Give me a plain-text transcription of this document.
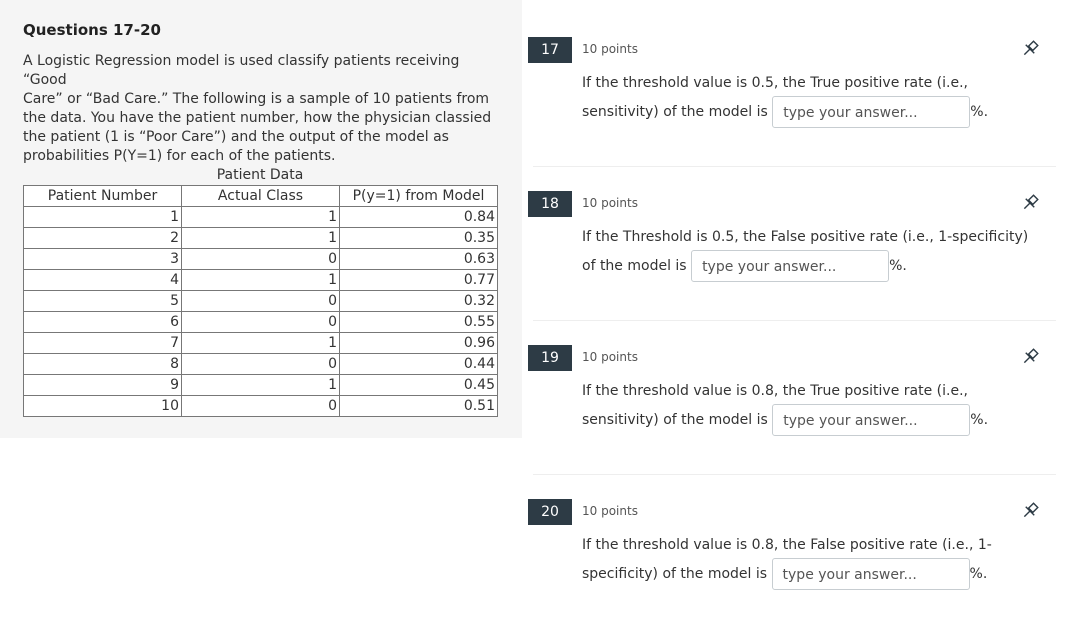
Questions 17-20
A Logistic Regression model is used classify patients receiving “Good
Care” or “Bad Care.” The following is a sample of 10 patients from
the data. You have the patient number, how the physician classied
the patient (1 is “Poor Care”) and the output of the model as
probabilities P(Y=1) for each of the patients.
Patient Data
Patient Number	Actual Class	P(y=1) from Model
1	1	0.84
2	1	0.35
3	0	0.63
4	1	0.77
5	0	0.32
6	0	0.55
7	1	0.96
8	0	0.44
9	1	0.45
10	0	0.51
17	10 points
If the threshold value is 0.5, the True positive rate (i.e.,
sensitivity) of the model is type your answer...	%.
18	10 points
If the Threshold is 0.5, the False positive rate (i.e., 1-specificity)
of the model is type your answer...	%.
19	10 points
If the threshold value is 0.8, the True positive rate (i.e.,
sensitivity) of the model is type your answer...	%.
20	10 points
If the threshold value is 0.8, the False positive rate (i.e., 1-
specificity) of the model is type your answer...	%.
